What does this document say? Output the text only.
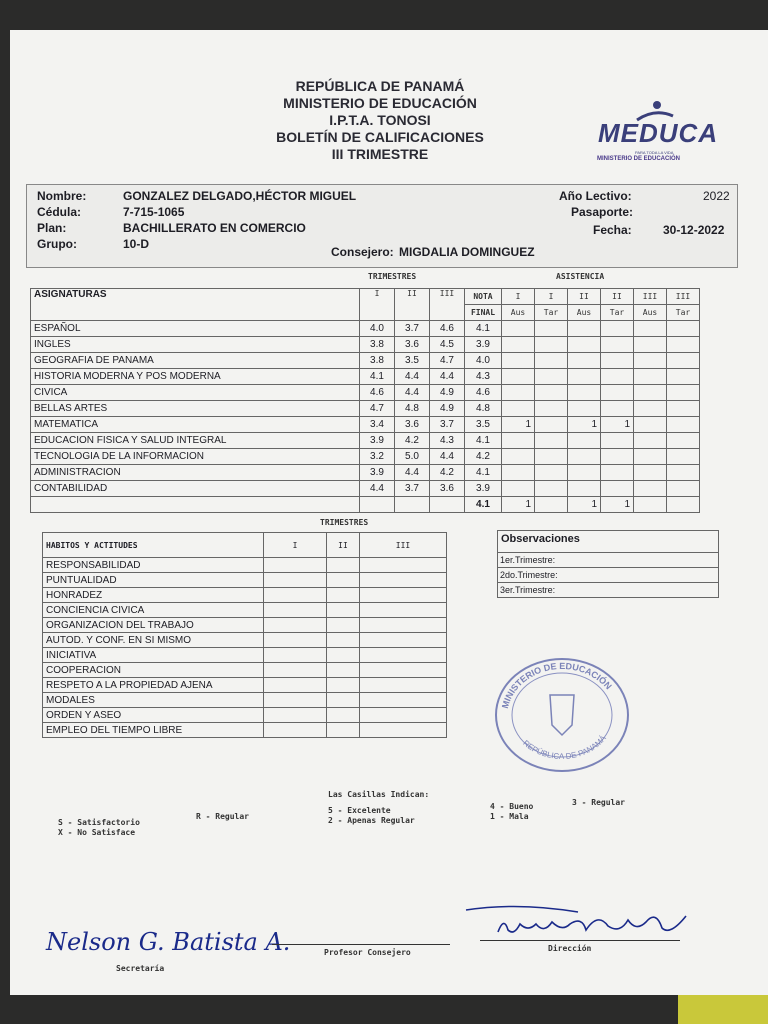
REPÚBLICA DE PANAMÁ
MINISTERIO DE EDUCACIÓN
I.P.T.A. TONOSI
BOLETÍN DE CALIFICACIONES
III TRIMESTRE
MEDUCA
PARA TODA LA VIDA
MINISTERIO DE EDUCACIÓN
Nombre:	GONZALEZ DELGADO,HÉCTOR MIGUEL
Cédula:	7-715-1065
Plan:	BACHILLERATO EN COMERCIO
Grupo:	10-D
Consejero: MIGDALIA DOMINGUEZ
Año Lectivo:	2022
Pasaporte:
Fecha:	30-12-2022
TRIMESTRES	ASISTENCIA
ASIGNATURAS	I	II	III	NOTA	I	I	II	II	III	III
				FINAL	Aus	Tar	Aus	Tar	Aus	Tar
ESPAÑOL	4.0	3.7	4.6	4.1						
INGLES	3.8	3.6	4.5	3.9						
GEOGRAFIA DE PANAMA	3.8	3.5	4.7	4.0						
HISTORIA MODERNA Y POS MODERNA	4.1	4.4	4.4	4.3						
CIVICA	4.6	4.4	4.9	4.6						
BELLAS ARTES	4.7	4.8	4.9	4.8						
MATEMATICA	3.4	3.6	3.7	3.5	1		1	1		
EDUCACION FISICA Y SALUD INTEGRAL	3.9	4.2	4.3	4.1						
TECNOLOGIA DE LA INFORMACION	3.2	5.0	4.4	4.2						
ADMINISTRACION	3.9	4.4	4.2	4.1						
CONTABILIDAD	4.4	3.7	3.6	3.9						
				4.1	1		1	1		
TRIMESTRES
HABITOS Y ACTITUDES	I	II	III
RESPONSABILIDAD			
PUNTUALIDAD			
HONRADEZ			
CONCIENCIA CIVICA			
ORGANIZACION DEL TRABAJO			
AUTOD. Y CONF. EN SI MISMO			
INICIATIVA			
COOPERACION			
RESPETO A LA PROPIEDAD AJENA			
MODALES			
ORDEN Y ASEO			
EMPLEO DEL TIEMPO LIBRE			
Observaciones
1er.Trimestre:
2do.Trimestre:
3er.Trimestre:
MINISTERIO DE EDUCACIÓN
REPÚBLICA DE PANAMÁ
Las Casillas Indican:
S - Satisfactorio
X - No Satisface
R - Regular
5 - Excelente
2 - Apenas Regular
4 - Bueno
1 - Mala
3 - Regular
Nelson G. Batista A.
Secretaría
Profesor Consejero	Dirección
